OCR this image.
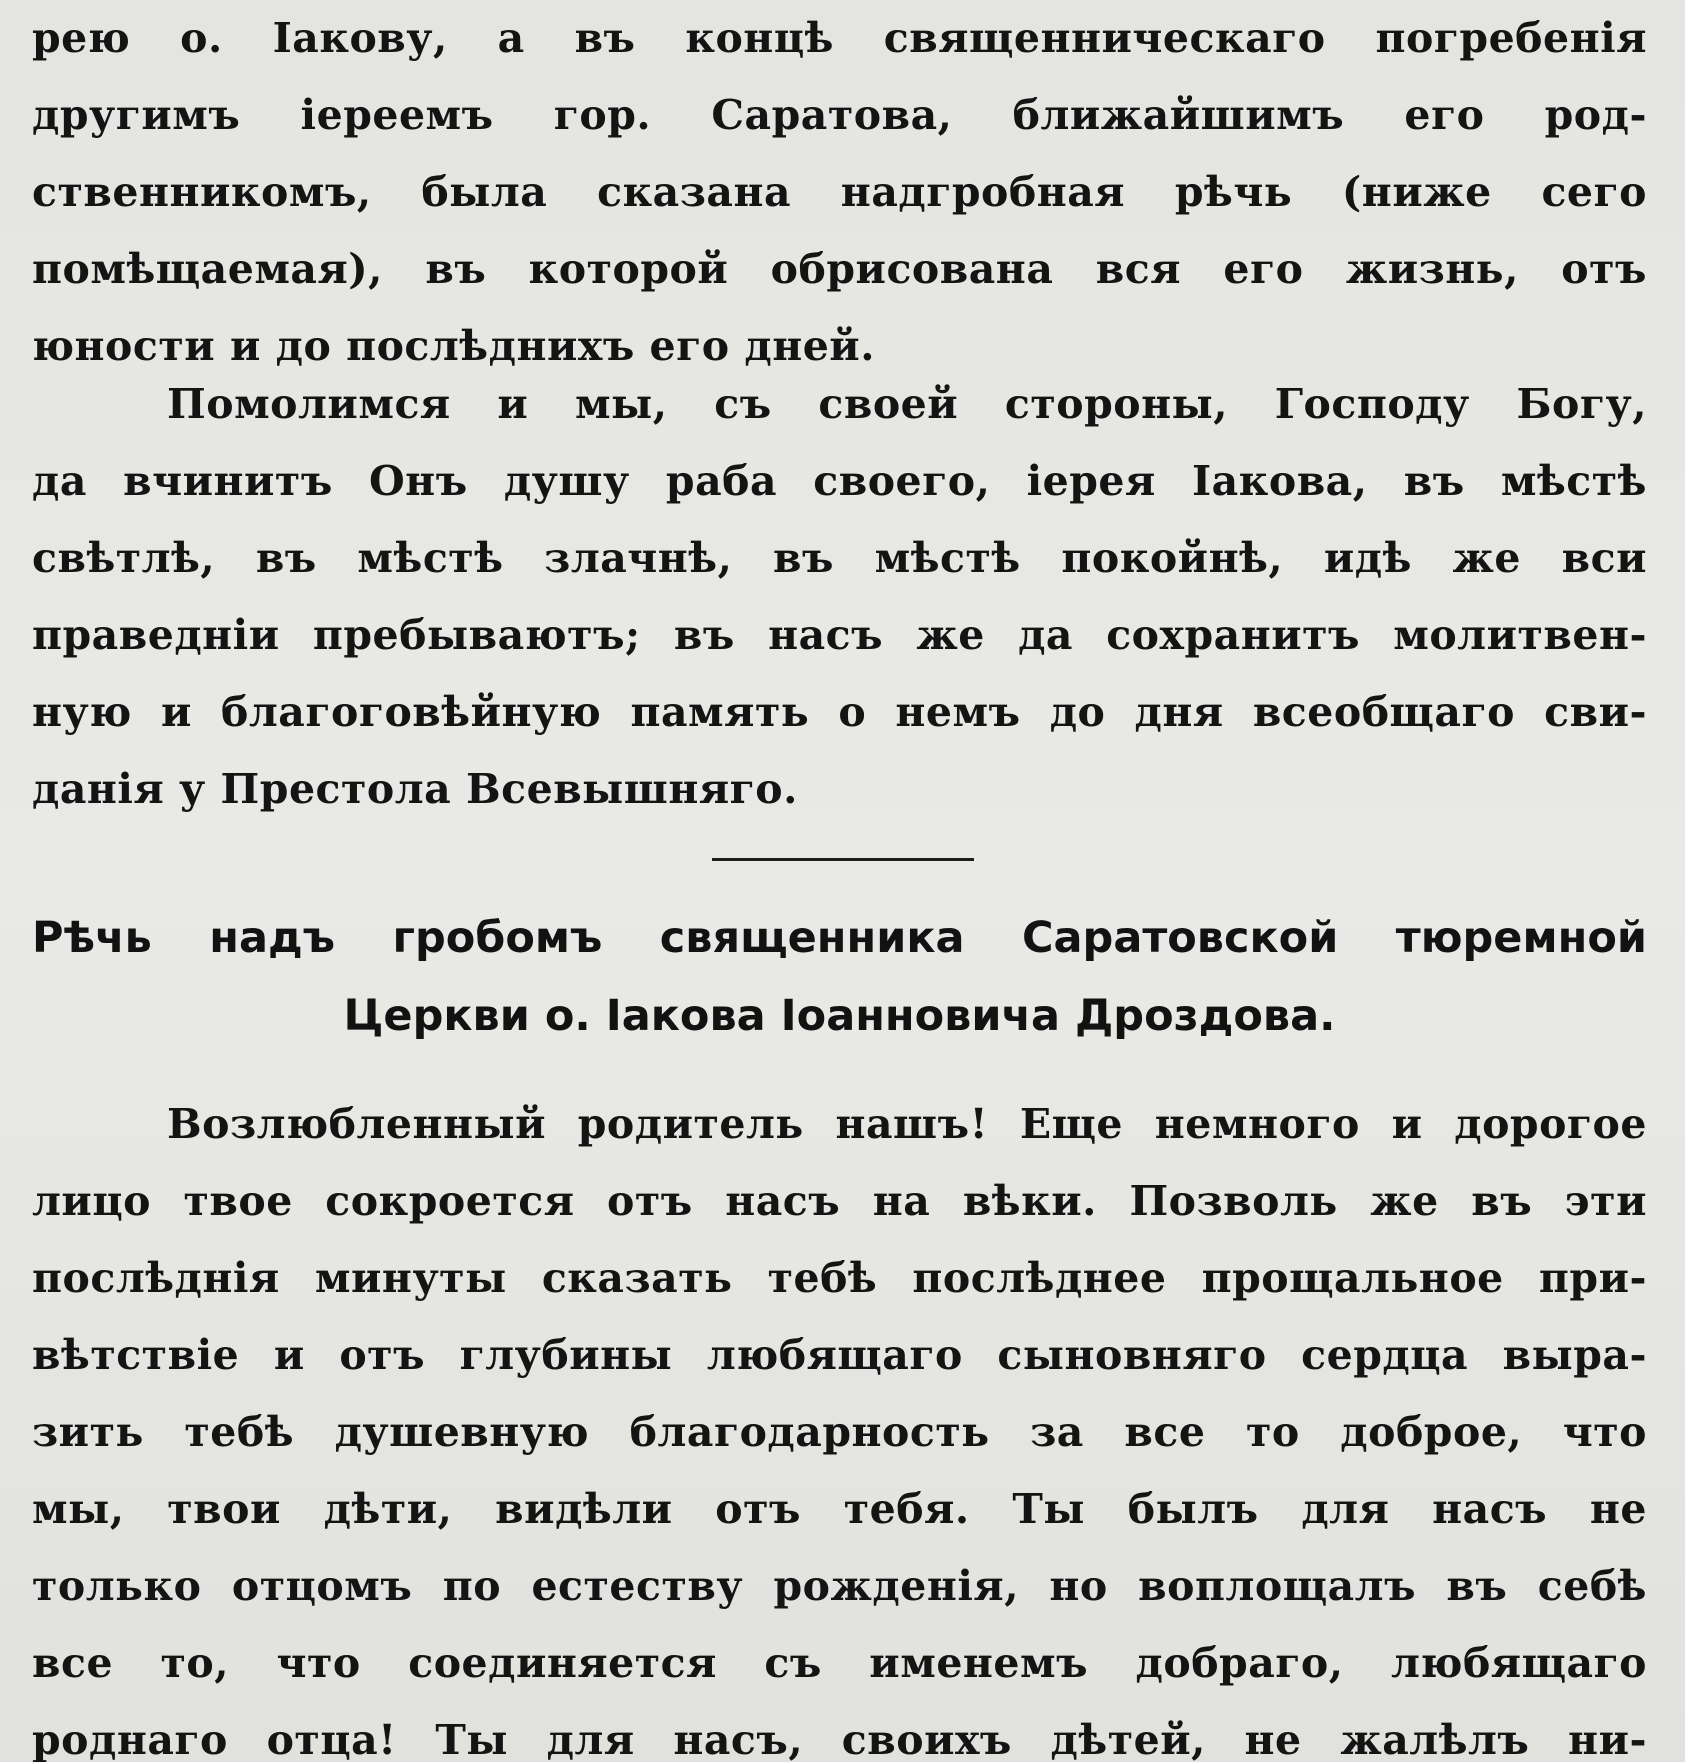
рею о. Іакову, а въ концѣ священническаго погребенія
другимъ іереемъ гор. Саратова, ближайшимъ его род-
ственникомъ, была сказана надгробная рѣчь (ниже сего
помѣщаемая), въ которой обрисована вся его жизнь, отъ
юности и до послѣднихъ его дней.
Помолимся и мы, съ своей стороны, Господу Богу,
да вчинитъ Онъ душу раба своего, іерея Іакова, въ мѣстѣ
свѣтлѣ, въ мѣстѣ злачнѣ, въ мѣстѣ покойнѣ, идѣ же вси
праведніи пребываютъ; въ насъ же да сохранитъ молитвен-
ную и благоговѣйную память о немъ до дня всеобщаго сви-
данія у Престола Всевышняго.
Рѣчь надъ гробомъ священника Саратовской тюремной
Церкви о. Іакова Іоанновича Дроздова.
Возлюбленный родитель нашъ! Еще немного и дорогое
лицо твое сокроется отъ насъ на вѣки. Позволь же въ эти
послѣднія минуты сказать тебѣ послѣднее прощальное при-
вѣтствіе и отъ глубины любящаго сыновняго сердца выра-
зить тебѣ душевную благодарность за все то доброе, что
мы, твои дѣти, видѣли отъ тебя. Ты былъ для насъ не
только отцомъ по естеству рожденія, но воплощалъ въ себѣ
все то, что соединяется съ именемъ добраго, любящаго
роднаго отца! Ты для насъ, своихъ дѣтей, не жалѣлъ ни-
